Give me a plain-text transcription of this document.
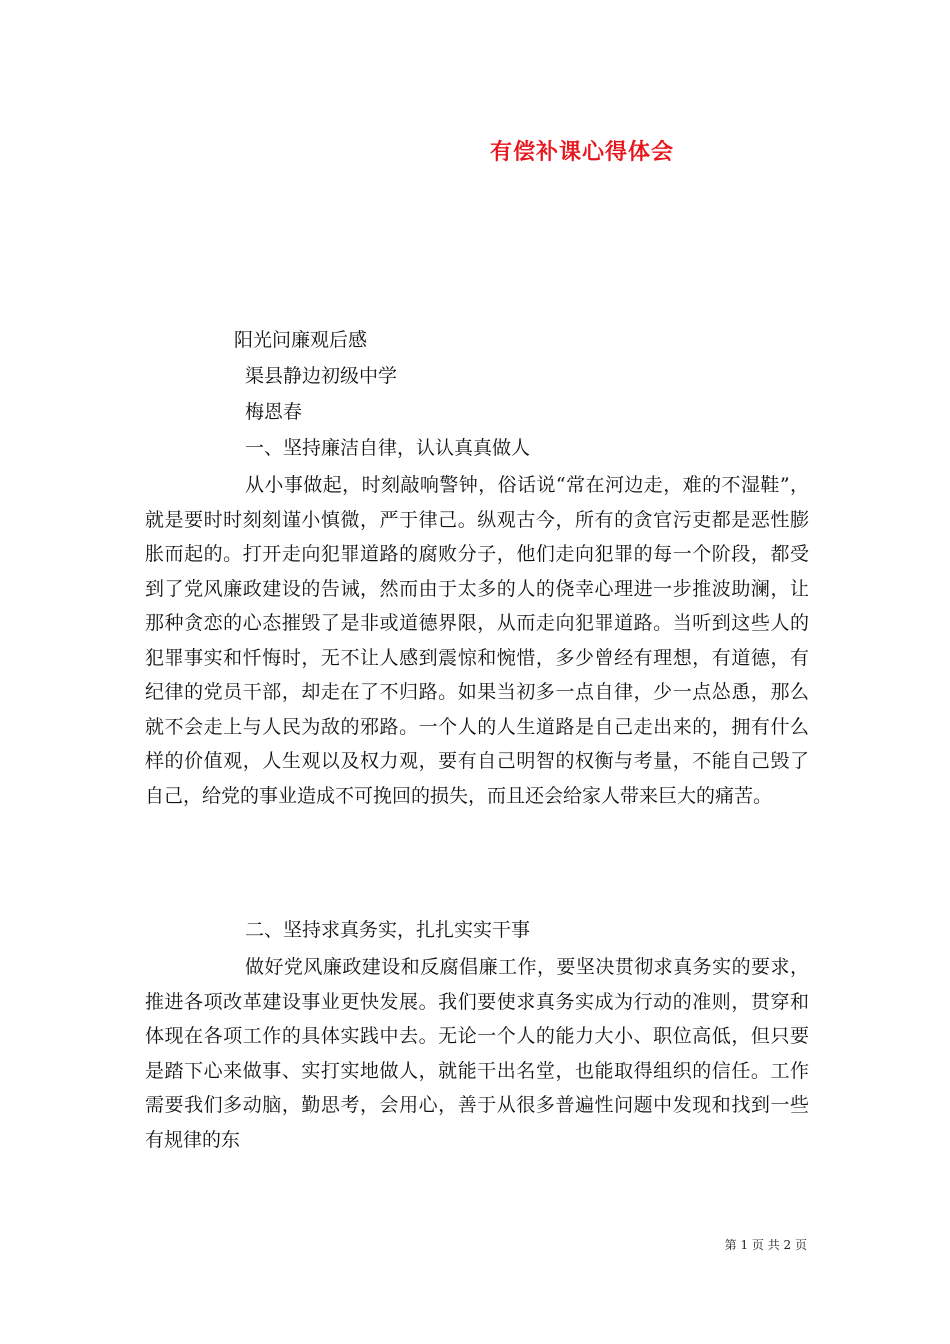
有偿补课心得体会
阳光问廉观后感
渠县静边初级中学
梅恩春
一、坚持廉洁自律，认认真真做人

从小事做起，时刻敲响警钟，俗话说“常在河边走，难的不湿鞋”，就是要时时刻刻谨小慎微，严于律己。纵观古今，所有的贪官污吏都是恶性膨胀而起的。打开走向犯罪道路的腐败分子，他们走向犯罪的每一个阶段，都受到了党风廉政建设的告诫，然而由于太多的人的侥幸心理进一步推波助澜，让那种贪恋的心态摧毁了是非或道德界限，从而走向犯罪道路。当听到这些人的犯罪事实和忏悔时，无不让人感到震惊和惋惜，多少曾经有理想，有道德，有纪律的党员干部，却走在了不归路。如果当初多一点自律，少一点怂恿，那么就不会走上与人民为敌的邪路。一个人的人生道路是自己走出来的，拥有什么样的价值观，人生观以及权力观，要有自己明智的权衡与考量，不能自己毁了自己，给党的事业造成不可挽回的损失，而且还会给家人带来巨大的痛苦。

二、坚持求真务实，扎扎实实干事

做好党风廉政建设和反腐倡廉工作，要坚决贯彻求真务实的要求，推进各项改革建设事业更快发展。我们要使求真务实成为行动的准则，贯穿和体现在各项工作的具体实践中去。无论一个人的能力大小、职位高低，但只要是踏下心来做事、实打实地做人，就能干出名堂，也能取得组织的信任。工作需要我们多动脑，勤思考，会用心，善于从很多普遍性问题中发现和找到一些有规律的东

第 1 页 共 2 页
